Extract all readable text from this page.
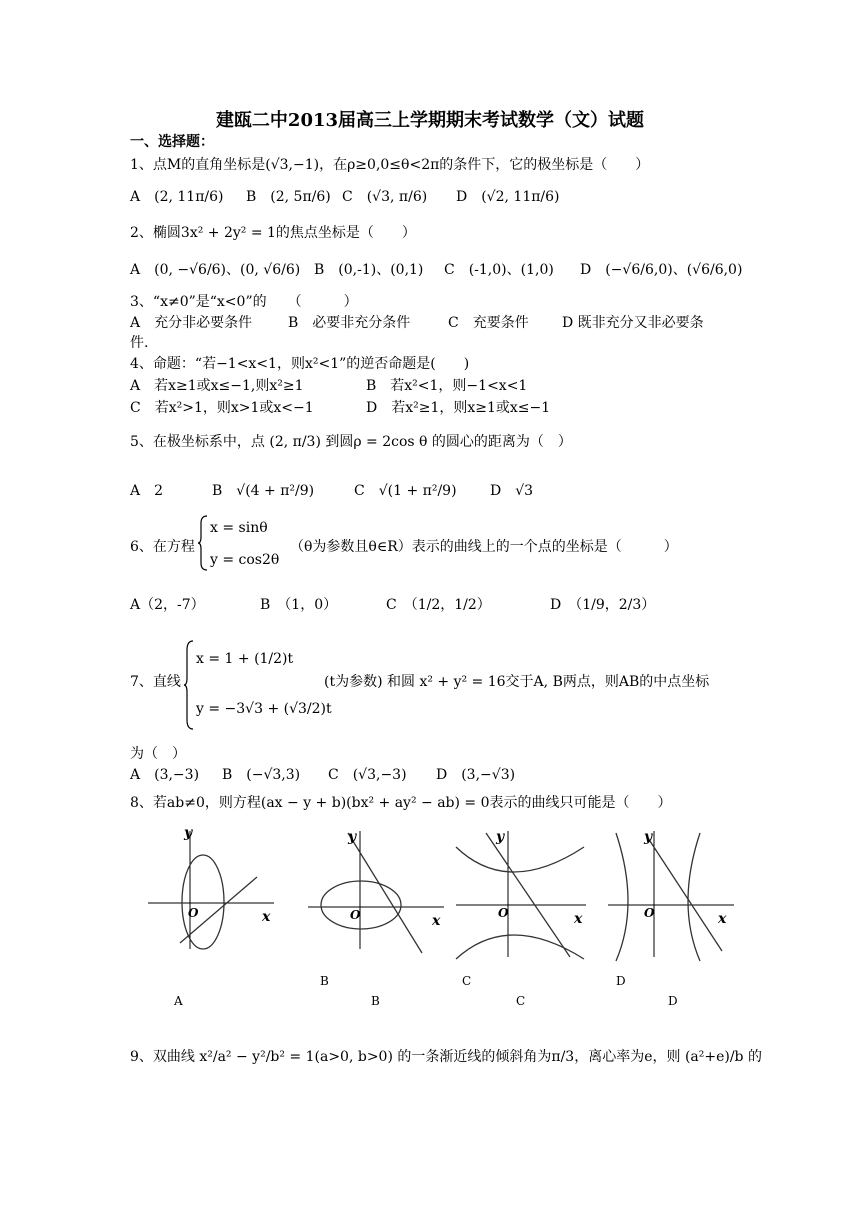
建瓯二中2013届高三上学期期末考试数学（文）试题
一、选择题：
1、点M的直角坐标是(√3,−1)，在ρ≥0,0≤θ<2π的条件下，它的极坐标是（　　）
A　(2, 11π/6) B　(2, 5π/6) C　(√3, π/6) D　(√2, 11π/6)
2、椭圆3x² + 2y² = 1的焦点坐标是（　　）
A　(0, −√6/6)、(0, √6/6) B　(0,-1)、(0,1) C　(-1,0)、(1,0) D　(−√6/6,0)、(√6/6,0)
3、“x≠0”是“x<0”的　　（　　　）
A　充分非必要条件	B　必要非充分条件	C　充要条件 D 既非充分又非必要条
件.
4、命题：“若−1<x<1，则x²<1”的逆否命题是(　　)
A　若x≥1或x≤−1,则x²≥1	B　若x²<1，则−1<x<1
C　若x²>1，则x>1或x<−1	D　若x²≥1，则x≥1或x≤−1
5、在极坐标系中，点 (2, π/3) 到圆ρ = 2cos θ 的圆心的距离为（　）
A　2	B　√(4 + π²/9)	C　√(1 + π²/9) D　√3
6、在方程
x = sinθ
y = cos2θ
（θ为参数且θ∈R）表示的曲线上的一个点的坐标是（　　　）
A（2，-7）	B　（1，0）	C　（1/2，1/2）	D　（1/9，2/3）
7、直线
x = 1 + (1/2)t
y = −3√3 + (√3/2)t
(t为参数) 和圆 x² + y² = 16交于A, B两点，则AB的中点坐标
为（　）
A　(3,−3) B　(−√3,3) C　(√3,−3) D　(3,−√3)
8、若ab≠0，则方程(ax − y + b)(bx² + ay² − ab) = 0表示的曲线只可能是（　　）
y
x
O
y
x
O
y
x
O
y
x
O
B	C	D
A	B	C	D
9、双曲线 x²/a² − y²/b² = 1(a>0, b>0) 的一条渐近线的倾斜角为π/3，离心率为e，则 (a²+e)/b 的
